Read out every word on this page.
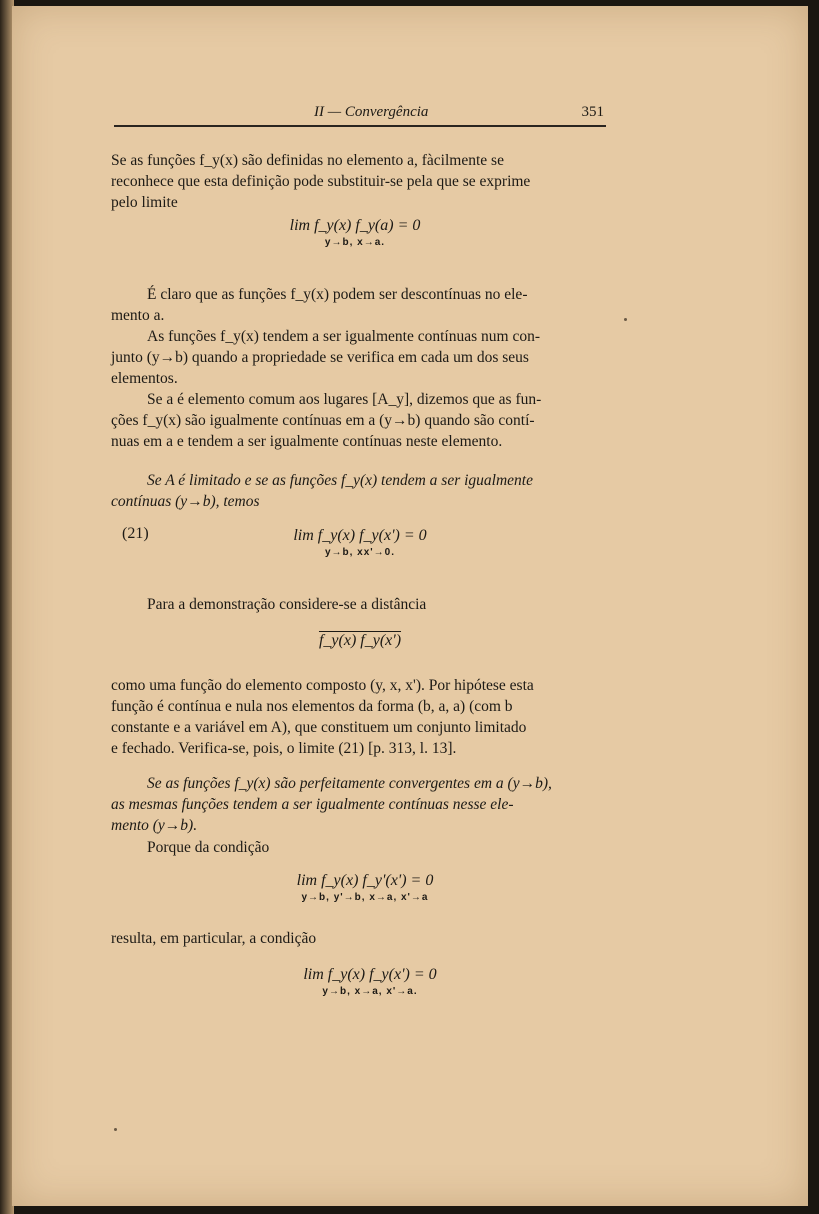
II — Convergência	351
Se as funções f_y(x) são definidas no elemento a, fàcilmente se
reconhece que esta definição pode substituir-se pela que se exprime
pelo limite
lim f_y(x) f_y(a) = 0
y→b, x→a.
É claro que as funções f_y(x) podem ser descontínuas no ele-
mento a.
As funções f_y(x) tendem a ser igualmente contínuas num con-
junto (y→b) quando a propriedade se verifica em cada um dos seus
elementos.
Se a é elemento comum aos lugares [A_y], dizemos que as fun-
ções f_y(x) são igualmente contínuas em a (y→b) quando são contí-
nuas em a e tendem a ser igualmente contínuas neste elemento.
Se A é limitado e se as funções f_y(x) tendem a ser igualmente
contínuas (y→b), temos
(21)	lim f_y(x) f_y(x') = 0
y→b, xx'→0.
Para a demonstração considere-se a distância
f_y(x) f_y(x')
como uma função do elemento composto (y, x, x'). Por hipótese esta
função é contínua e nula nos elementos da forma (b, a, a) (com b
constante e a variável em A), que constituem um conjunto limitado
e fechado. Verifica-se, pois, o limite (21) [p. 313, l. 13].
Se as funções f_y(x) são perfeitamente convergentes em a (y→b),
as mesmas funções tendem a ser igualmente contínuas nesse ele-
mento (y→b).
Porque da condição
lim f_y(x) f_y'(x') = 0
y→b, y'→b, x→a, x'→a
resulta, em particular, a condição
lim f_y(x) f_y(x') = 0
y→b, x→a, x'→a.
